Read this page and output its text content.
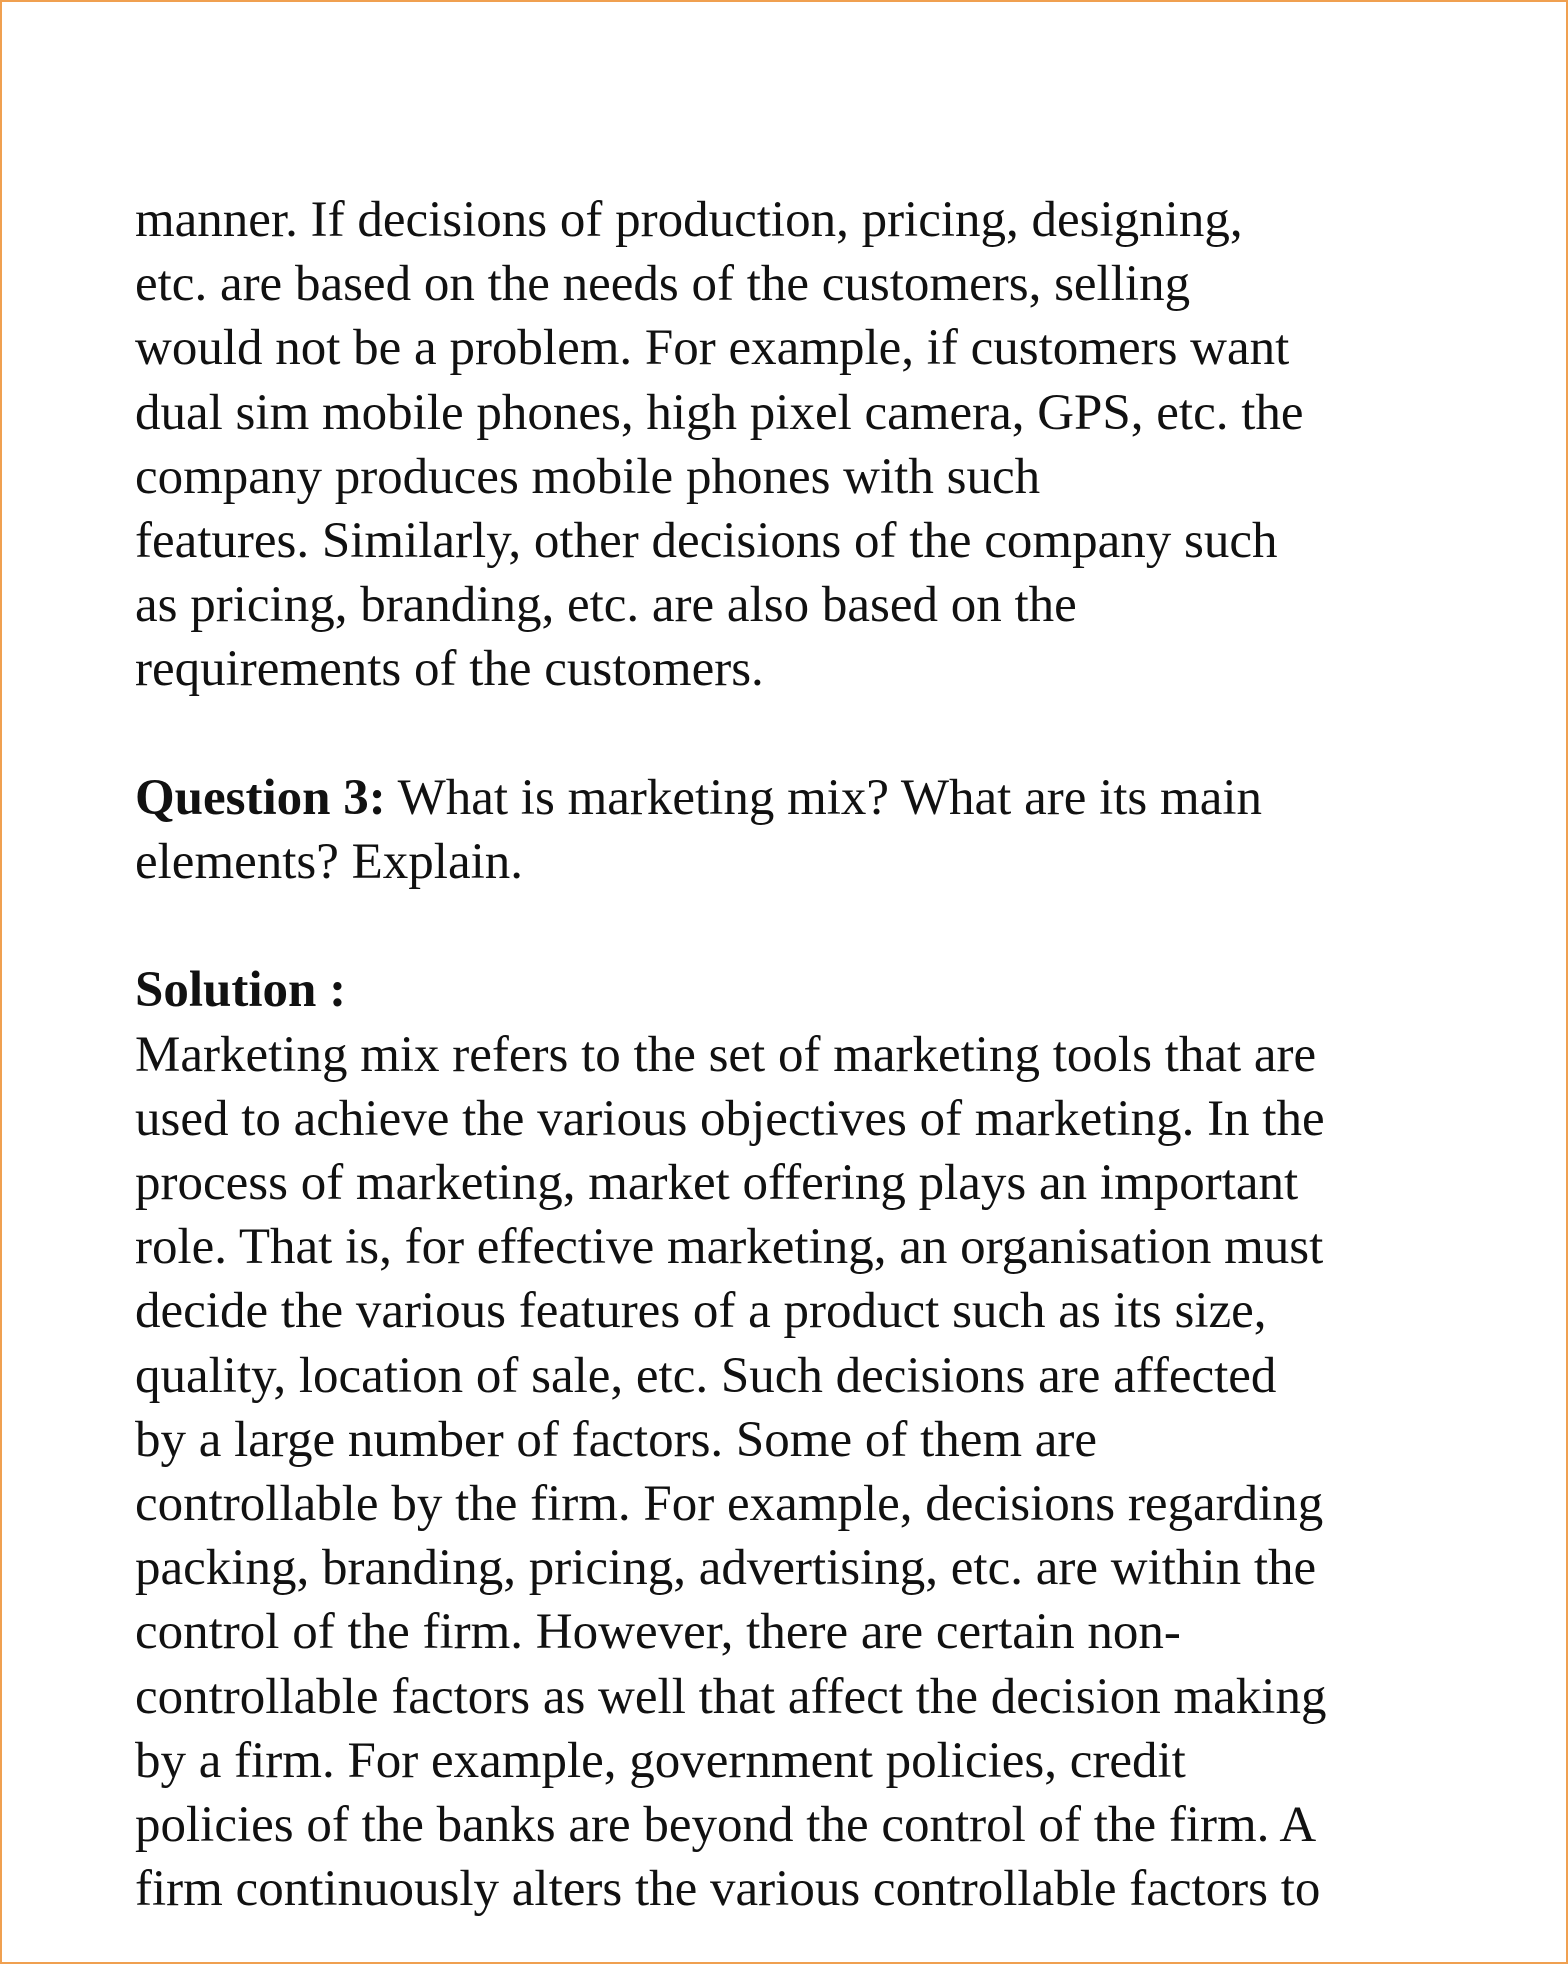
manner. If decisions of production, pricing, designing,
etc. are based on the needs of the customers, selling
would not be a problem. For example, if customers want
dual sim mobile phones, high pixel camera, GPS, etc. the
company produces mobile phones with such
features. Similarly, other decisions of the company such
as pricing, branding, etc. are also based on the
requirements of the customers.
Question 3: What is marketing mix? What are its main
elements? Explain.
Solution :
Marketing mix refers to the set of marketing tools that are
used to achieve the various objectives of marketing. In the
process of marketing, market offering plays an important
role. That is, for effective marketing, an organisation must
decide the various features of a product such as its size,
quality, location of sale, etc. Such decisions are affected
by a large number of factors. Some of them are
controllable by the firm. For example, decisions regarding
packing, branding, pricing, advertising, etc. are within the
control of the firm. However, there are certain non-
controllable factors as well that affect the decision making
by a firm. For example, government policies, credit
policies of the banks are beyond the control of the firm. A
firm continuously alters the various controllable factors to
